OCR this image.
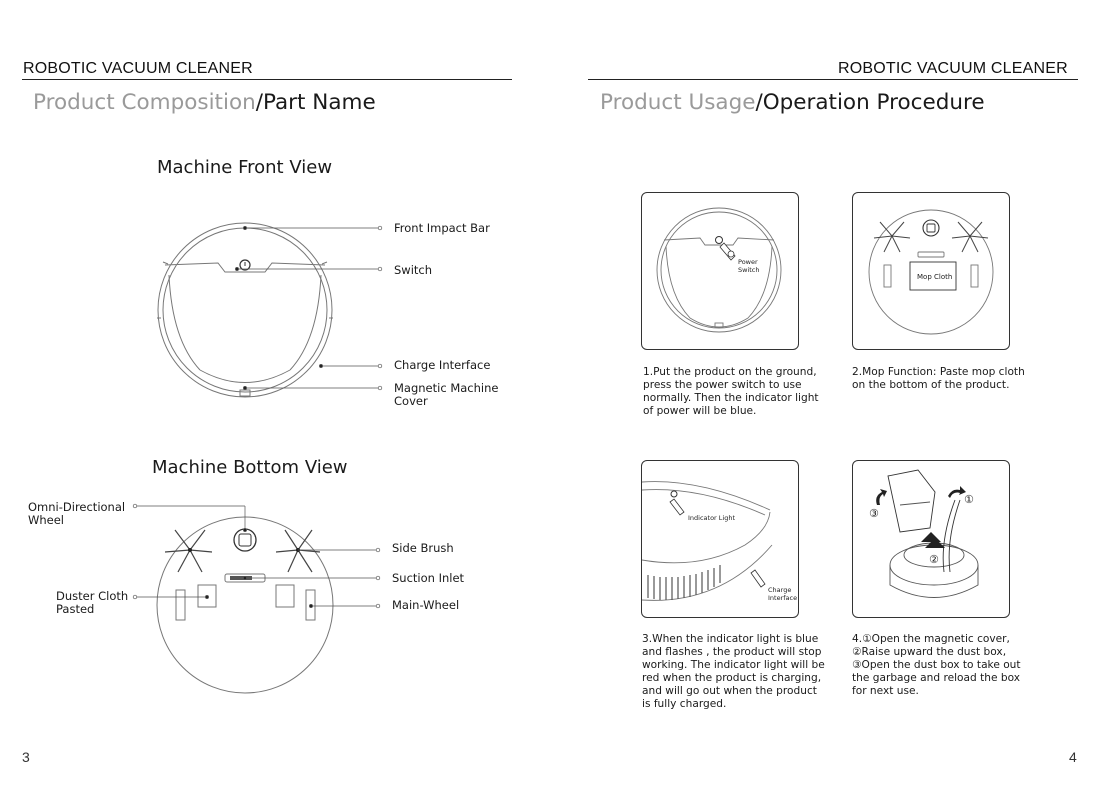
ROBOTIC VACUUM CLEANER
Product Composition/Part Name
Machine Front View
Front Impact Bar
Switch
Charge Interface
Magnetic Machine
Cover
Machine Bottom View
Omni-Directional
Wheel
Duster Cloth
Pasted
Side Brush
Suction Inlet
Main-Wheel
3
ROBOTIC VACUUM CLEANER
Product Usage/Operation Procedure
Power
Switch
Mop Cloth
Indicator Light
Charge
Interface
①
②
③
1.Put the product on the ground,
press the power switch to use
normally. Then the indicator light
of power will be blue.
2.Mop Function: Paste mop cloth
on the bottom of the product.
3.When the indicator light is blue
and flashes , the product will stop
working. The indicator light will be
red when the product is charging,
and will go out when the product
is fully charged.
4.①Open the magnetic cover,
②Raise upward the dust box,
③Open the dust box to take out
the garbage and reload the box
for next use.
4
